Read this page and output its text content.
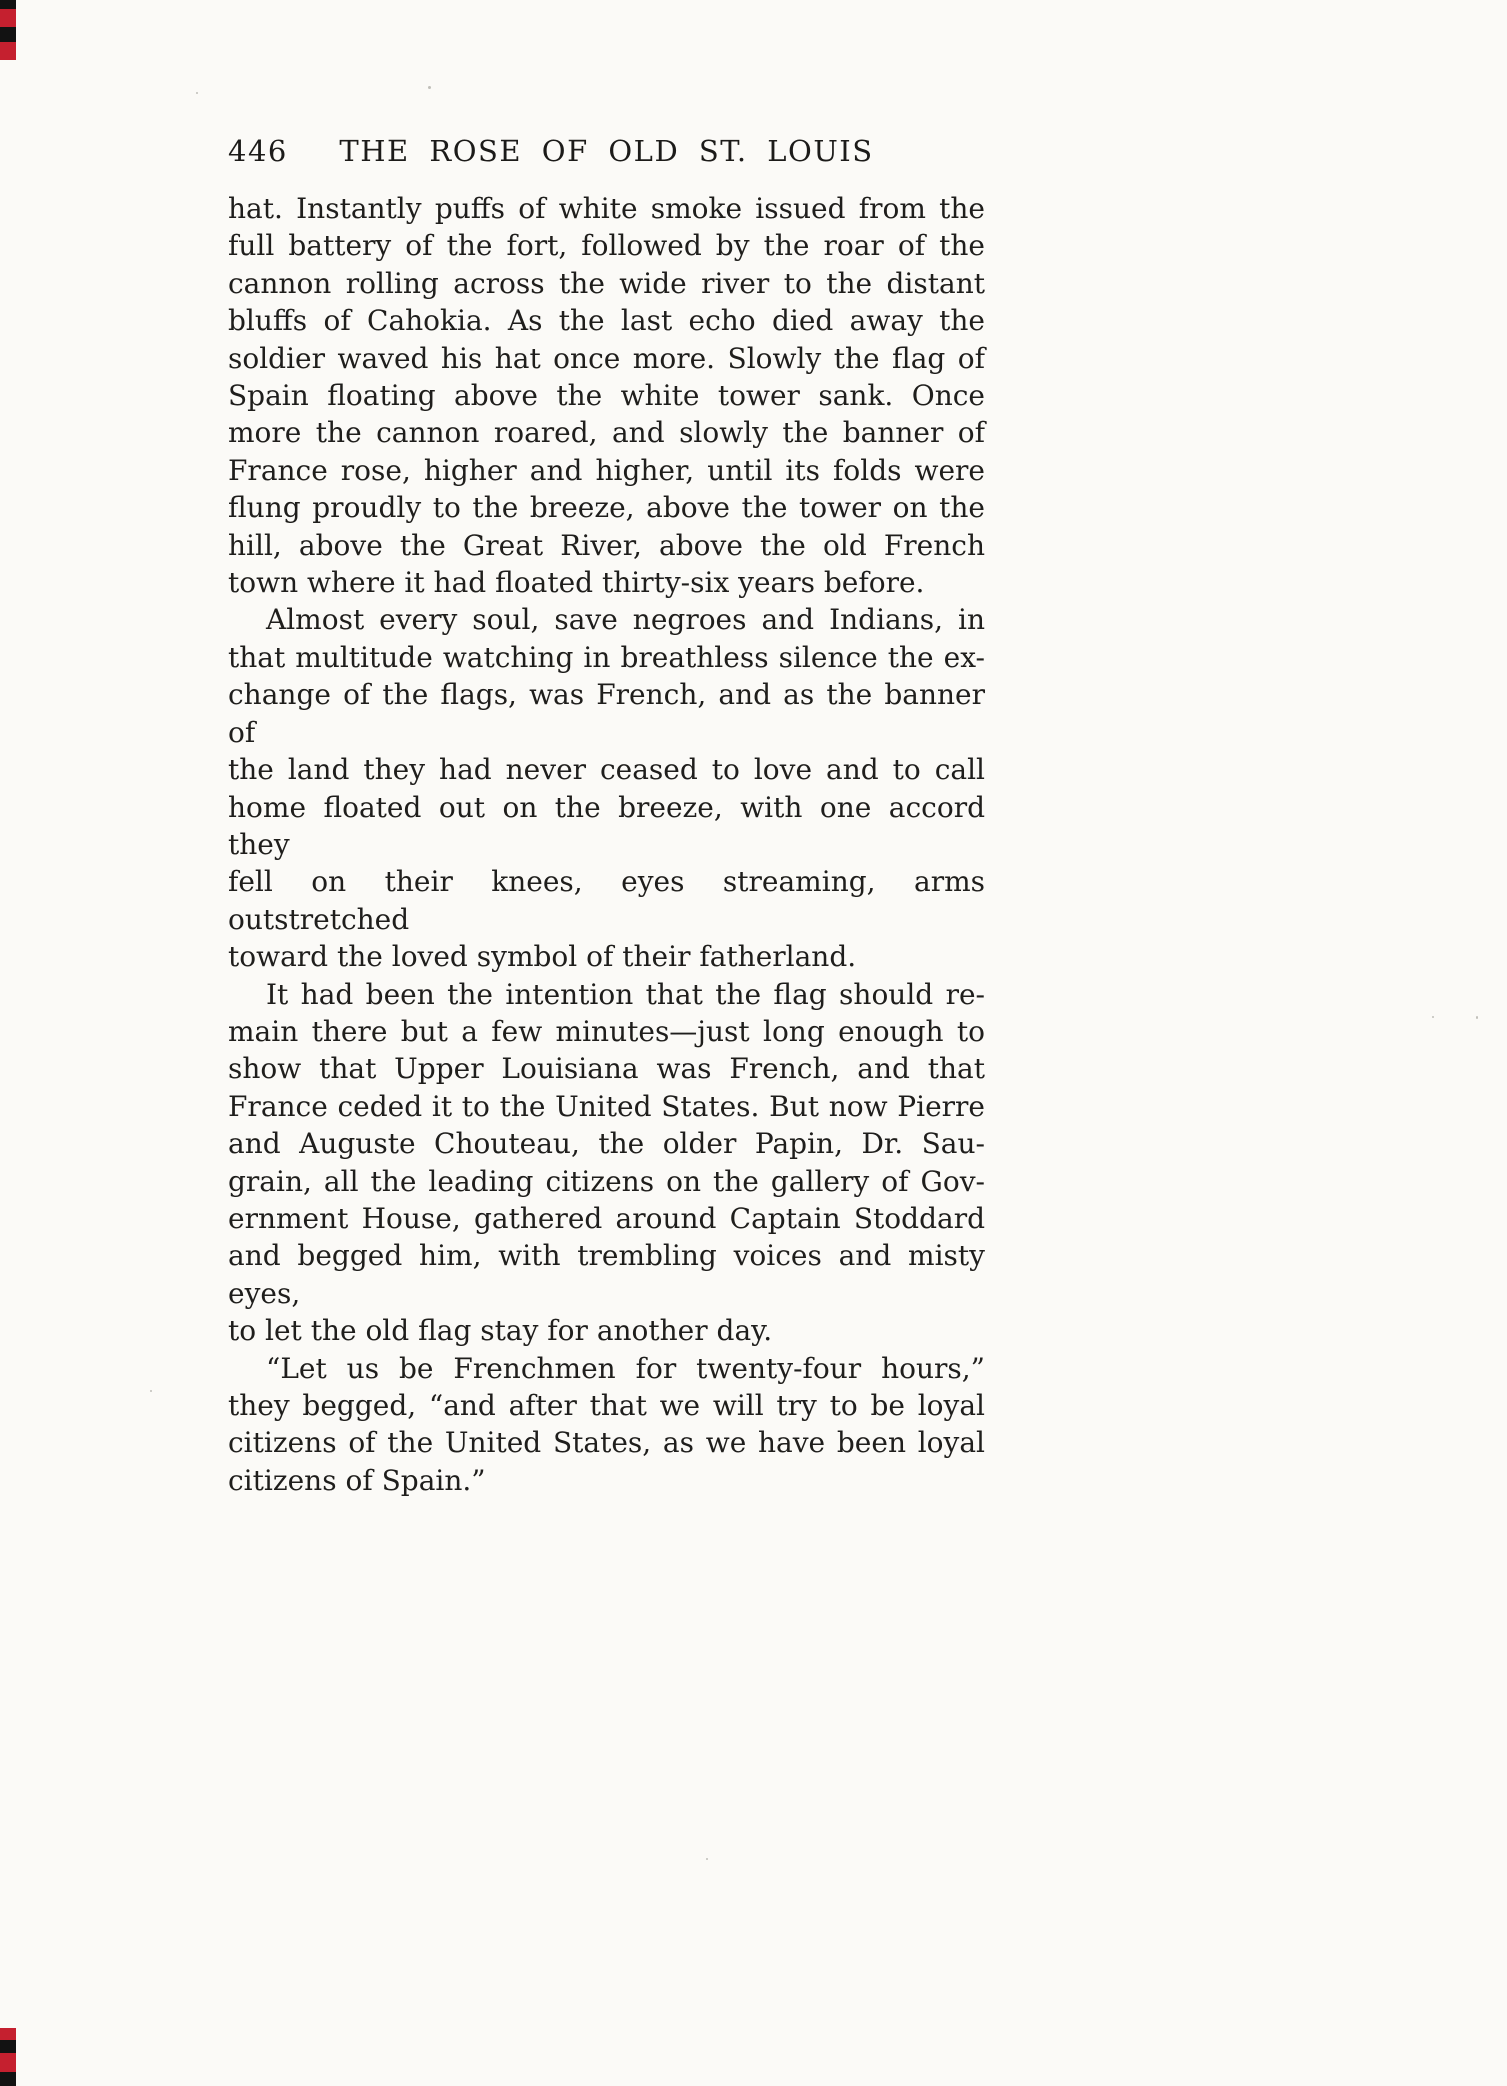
446	THE ROSE OF OLD ST. LOUIS
hat. Instantly puffs of white smoke issued from the
full battery of the fort, followed by the roar of the
cannon rolling across the wide river to the distant
bluffs of Cahokia. As the last echo died away the
soldier waved his hat once more. Slowly the flag of
Spain floating above the white tower sank. Once
more the cannon roared, and slowly the banner of
France rose, higher and higher, until its folds were
flung proudly to the breeze, above the tower on the
hill, above the Great River, above the old French
town where it had floated thirty-six years before.
Almost every soul, save negroes and Indians, in
that multitude watching in breathless silence the ex-
change of the flags, was French, and as the banner of
the land they had never ceased to love and to call
home floated out on the breeze, with one accord they
fell on their knees, eyes streaming, arms outstretched
toward the loved symbol of their fatherland.
It had been the intention that the flag should re-
main there but a few minutes—just long enough to
show that Upper Louisiana was French, and that
France ceded it to the United States. But now Pierre
and Auguste Chouteau, the older Papin, Dr. Sau-
grain, all the leading citizens on the gallery of Gov-
ernment House, gathered around Captain Stoddard
and begged him, with trembling voices and misty eyes,
to let the old flag stay for another day.
“Let us be Frenchmen for twenty-four hours,”
they begged, “and after that we will try to be loyal
citizens of the United States, as we have been loyal
citizens of Spain.”
